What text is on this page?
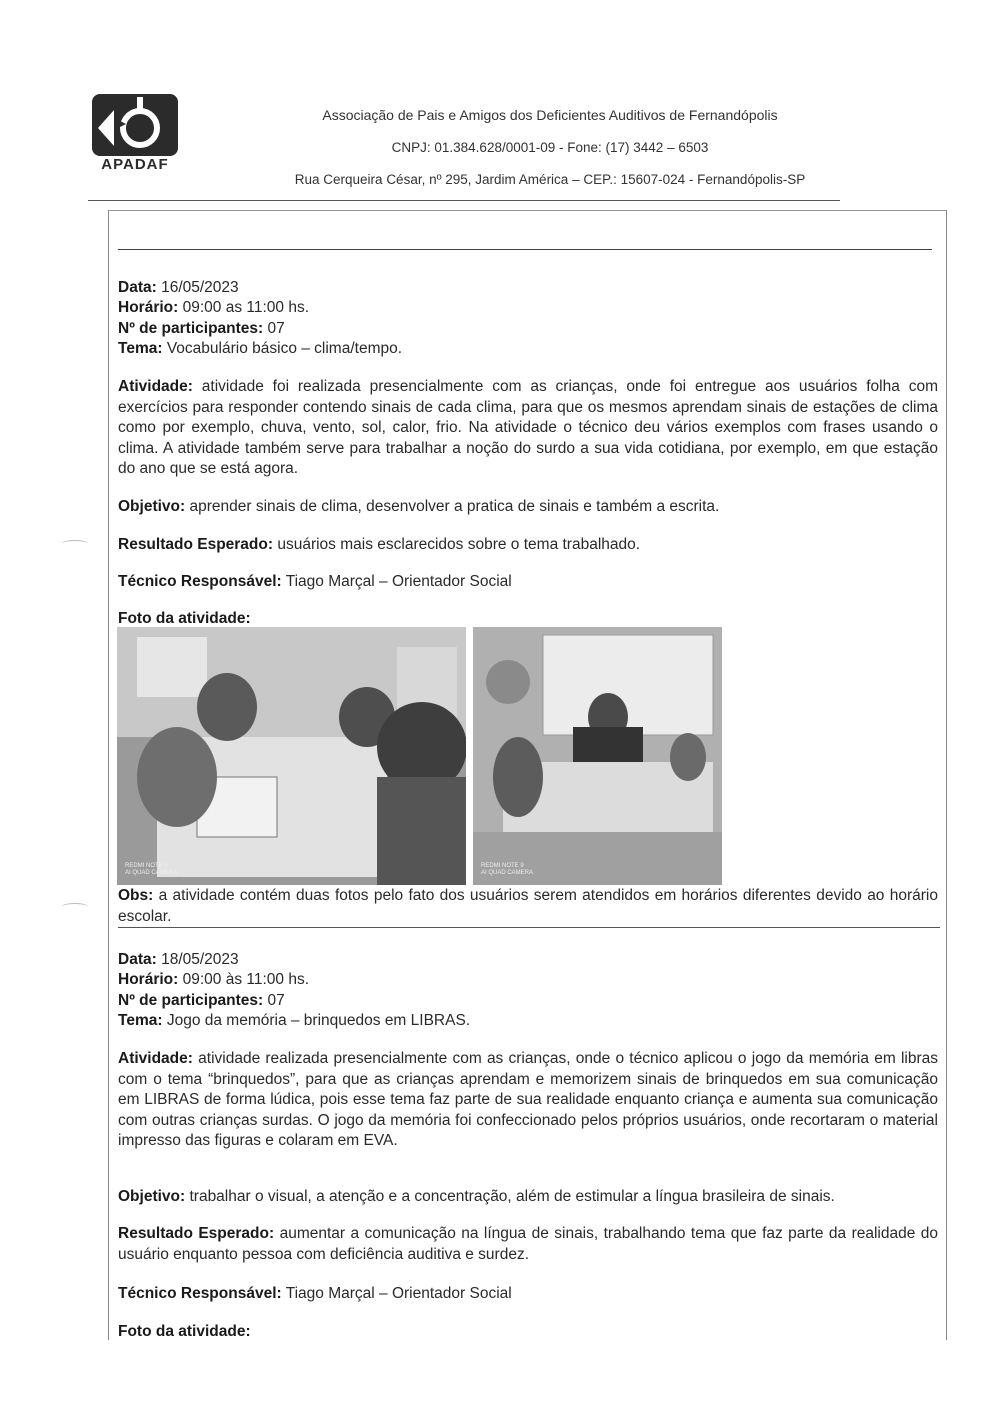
APADAF
Associação de Pais e Amigos dos Deficientes Auditivos de Fernandópolis
CNPJ: 01.384.628/0001-09 - Fone: (17) 3442 – 6503
Rua Cerqueira César, nº 295, Jardim América – CEP.: 15607-024 - Fernandópolis-SP
Data: 16/05/2023
Horário: 09:00 as 11:00 hs.
Nº de participantes: 07
Tema: Vocabulário básico – clima/tempo.
Atividade: atividade foi realizada presencialmente com as crianças, onde foi entregue aos usuários folha com exercícios para responder contendo sinais de cada clima, para que os mesmos aprendam sinais de estações de clima como por exemplo, chuva, vento, sol, calor, frio. Na atividade o técnico deu vários exemplos com frases usando o clima. A atividade também serve para trabalhar a noção do surdo a sua vida cotidiana, por exemplo, em que estação do ano que se está agora.
Objetivo: aprender sinais de clima, desenvolver a pratica de sinais e também a escrita.
Resultado Esperado: usuários mais esclarecidos sobre o tema trabalhado.
Técnico Responsável: Tiago Marçal – Orientador Social
Foto da atividade:
REDMI NOTE 9
AI QUAD CAMERA
REDMI NOTE 9
AI QUAD CAMERA
Obs: a atividade contém duas fotos pelo fato dos usuários serem atendidos em horários diferentes devido ao horário escolar.
Data: 18/05/2023
Horário: 09:00 às 11:00 hs.
Nº de participantes: 07
Tema: Jogo da memória – brinquedos em LIBRAS.
Atividade: atividade realizada presencialmente com as crianças, onde o técnico aplicou o jogo da memória em libras com o tema “brinquedos”, para que as crianças aprendam e memorizem sinais de brinquedos em sua comunicação em LIBRAS de forma lúdica, pois esse tema faz parte de sua realidade enquanto criança e aumenta sua comunicação com outras crianças surdas. O jogo da memória foi confeccionado pelos próprios usuários, onde recortaram o material impresso das figuras e colaram em EVA.
Objetivo: trabalhar o visual, a atenção e a concentração, além de estimular a língua brasileira de sinais.
Resultado Esperado: aumentar a comunicação na língua de sinais, trabalhando tema que faz parte da realidade do usuário enquanto pessoa com deficiência auditiva e surdez.
Técnico Responsável: Tiago Marçal – Orientador Social
Foto da atividade:
